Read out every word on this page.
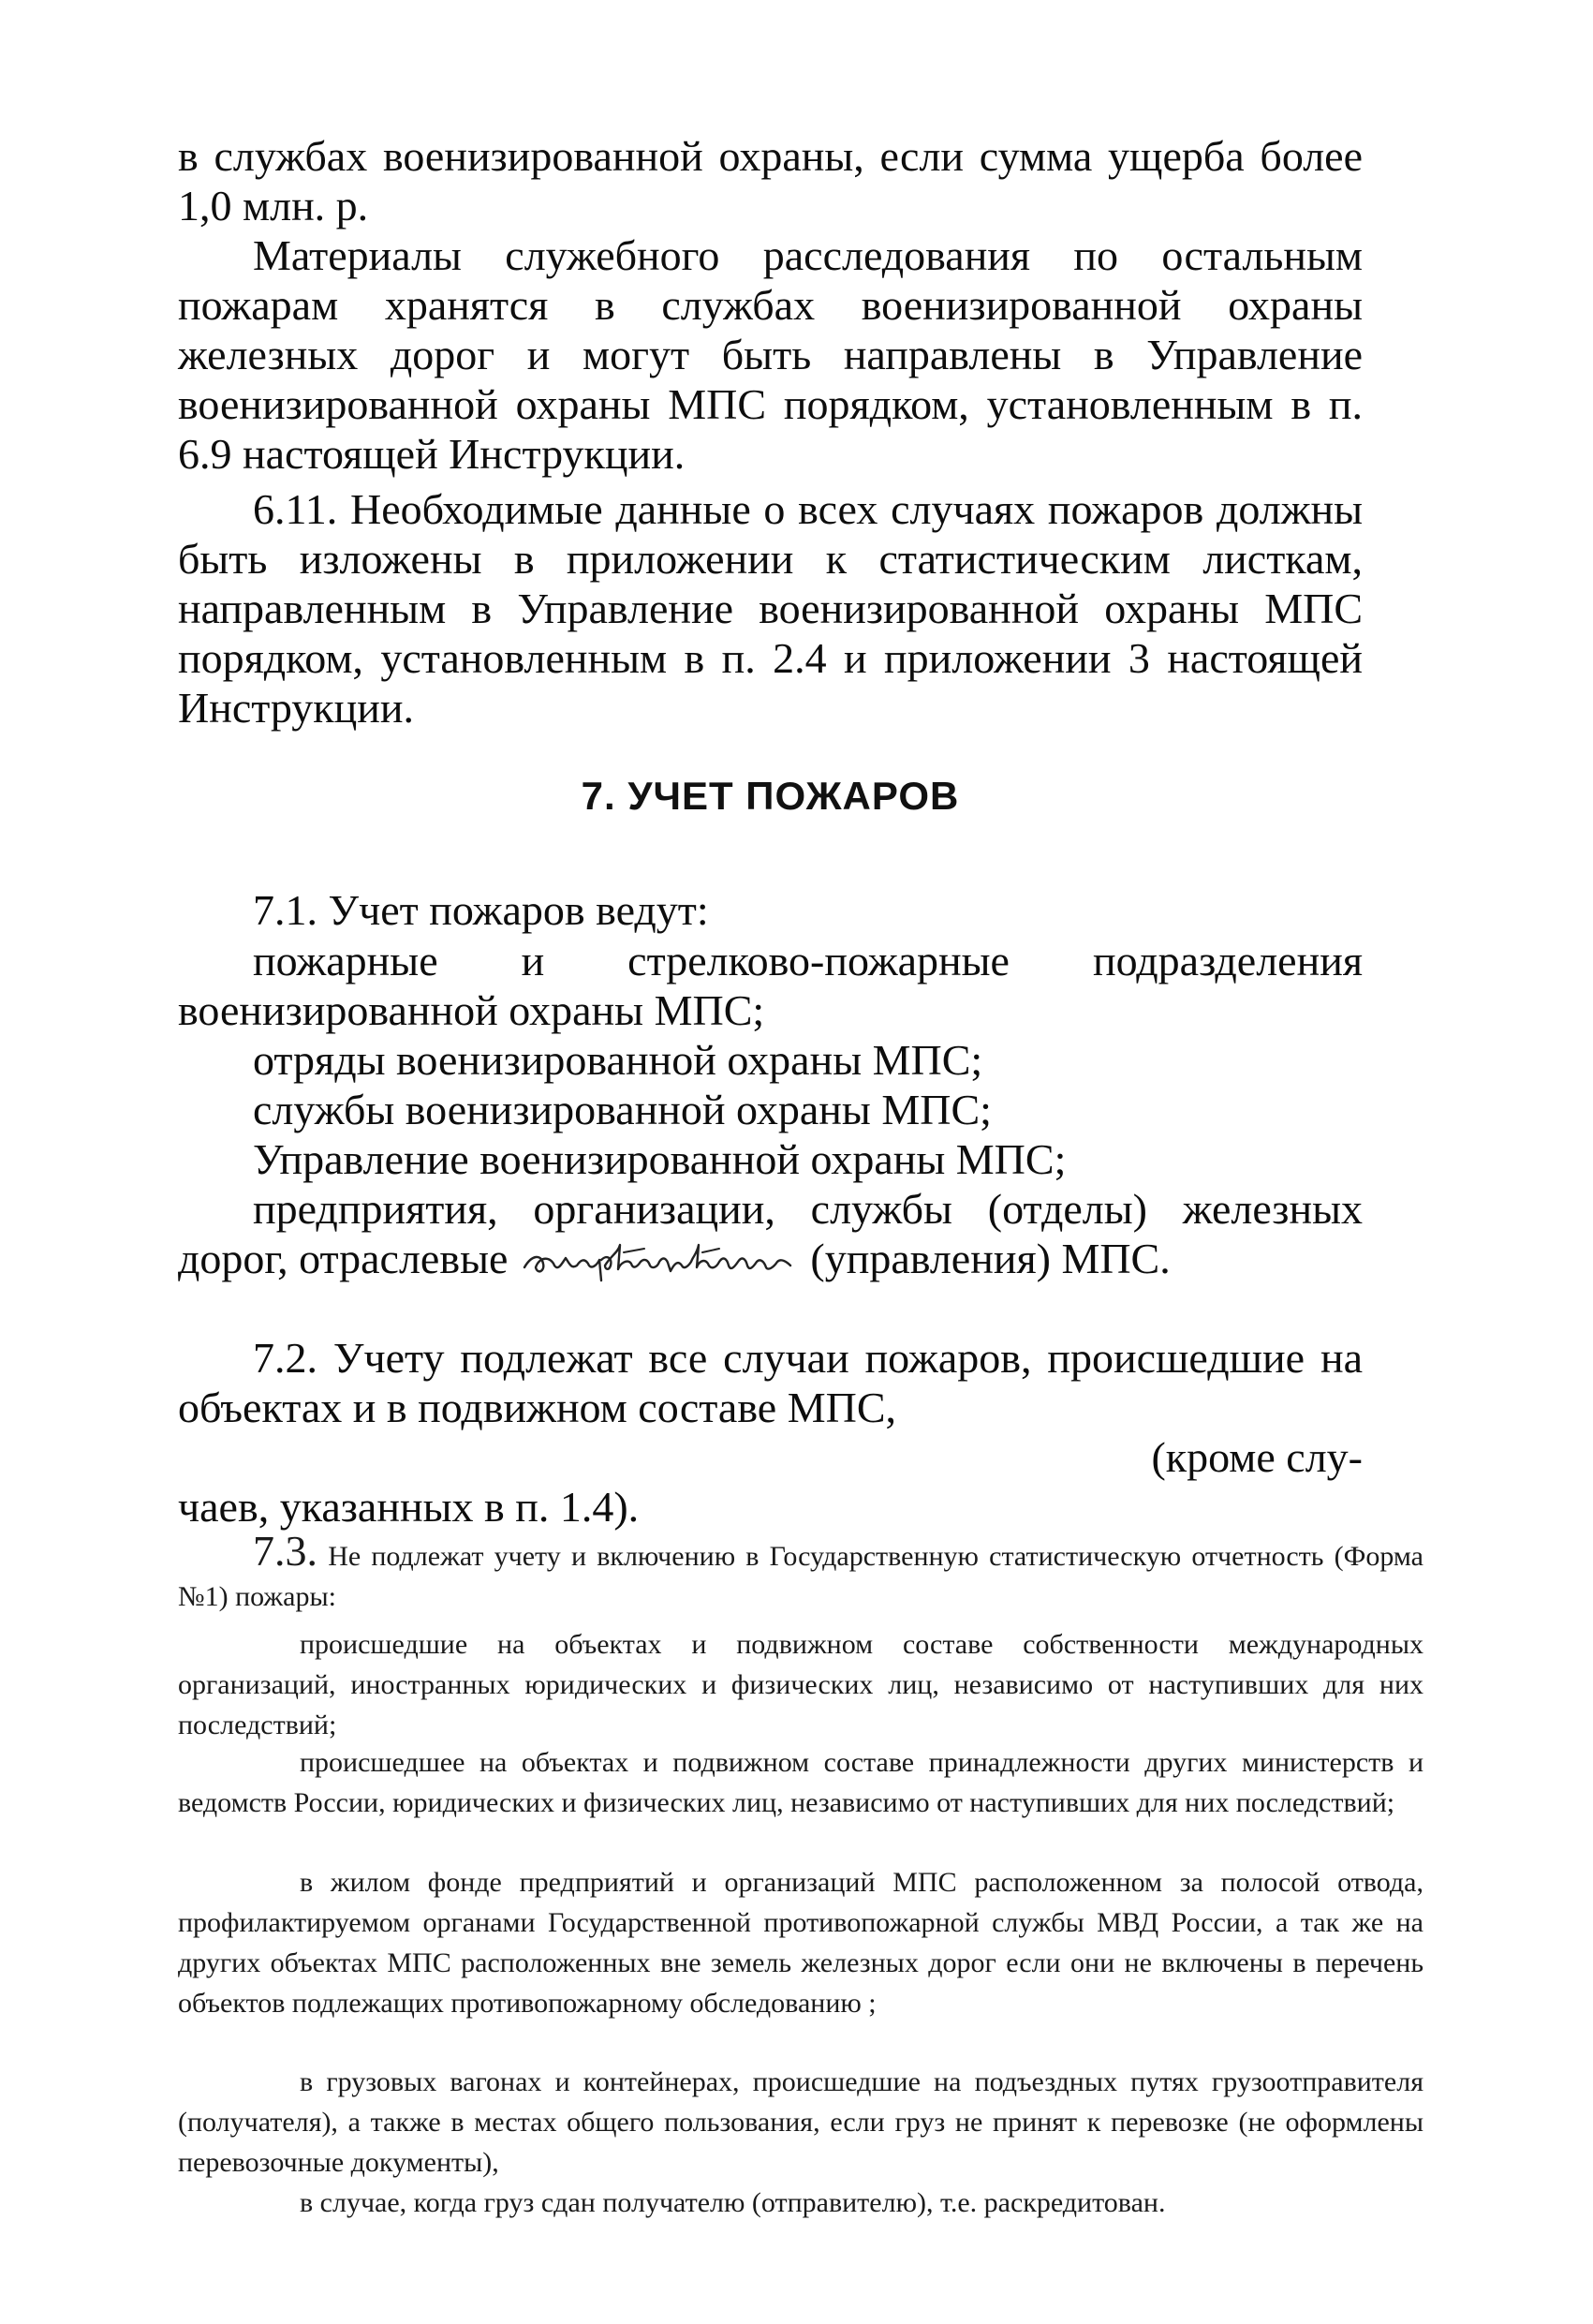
в службах военизированной охраны, если сумма ущерба более 1,0 млн. р.

Материалы служебного расследования по остальным пожарам хранятся в службах военизированной охраны железных дорог и могут быть направлены в Управление военизированной охраны МПС порядком, установленным в п. 6.9 настоящей Инструкции.

6.11. Необходимые данные о всех случаях пожаров должны быть изложены в приложении к статистическим листкам, направленным в Управление военизированной охраны МПС порядком, установленным в п. 2.4 и приложении 3 настоящей Инструкции.

7. УЧЕТ ПОЖАРОВ

7.1. Учет пожаров ведут:

пожарные и стрелково-пожарные подразделения военизированной охраны МПС;

отряды военизированной охраны МПС;

службы военизированной охраны МПС;

Управление военизированной охраны МПС;

предприятия, организации, службы (отделы) железных дорог, отраслевые	(управления) МПС.

7.2. Учету подлежат все случаи пожаров, происшедшие на объектах и в подвижном составе МПС,

(кроме слу-

чаев, указанных в п. 1.4).

7.3. Не подлежат учету и включению в Государственную статистическую отчетность (Форма №1) пожары:

происшедшие на объектах и подвижном составе собственности международных организаций, иностранных юридических и физических лиц, независимо от наступивших для них последствий;

происшедшее на объектах и подвижном составе принадлежности других министерств и ведомств России, юридических и физических лиц, независимо от наступивших для них последствий;

в жилом фонде предприятий и организаций МПС расположенном за полосой отвода, профилактируемом органами Государственной противопожарной службы МВД России, а так же на других объектах МПС расположенных вне земель железных дорог если они не включены в перечень объектов подлежащих противопожарному обследованию ;

в грузовых вагонах и контейнерах, происшедшие на подъездных путях грузоотправителя (получателя), а также в местах общего пользования, если груз не принят к перевозке (не оформлены перевозочные документы),

в случае, когда груз сдан получателю (отправителю), т.е. раскредитован.
